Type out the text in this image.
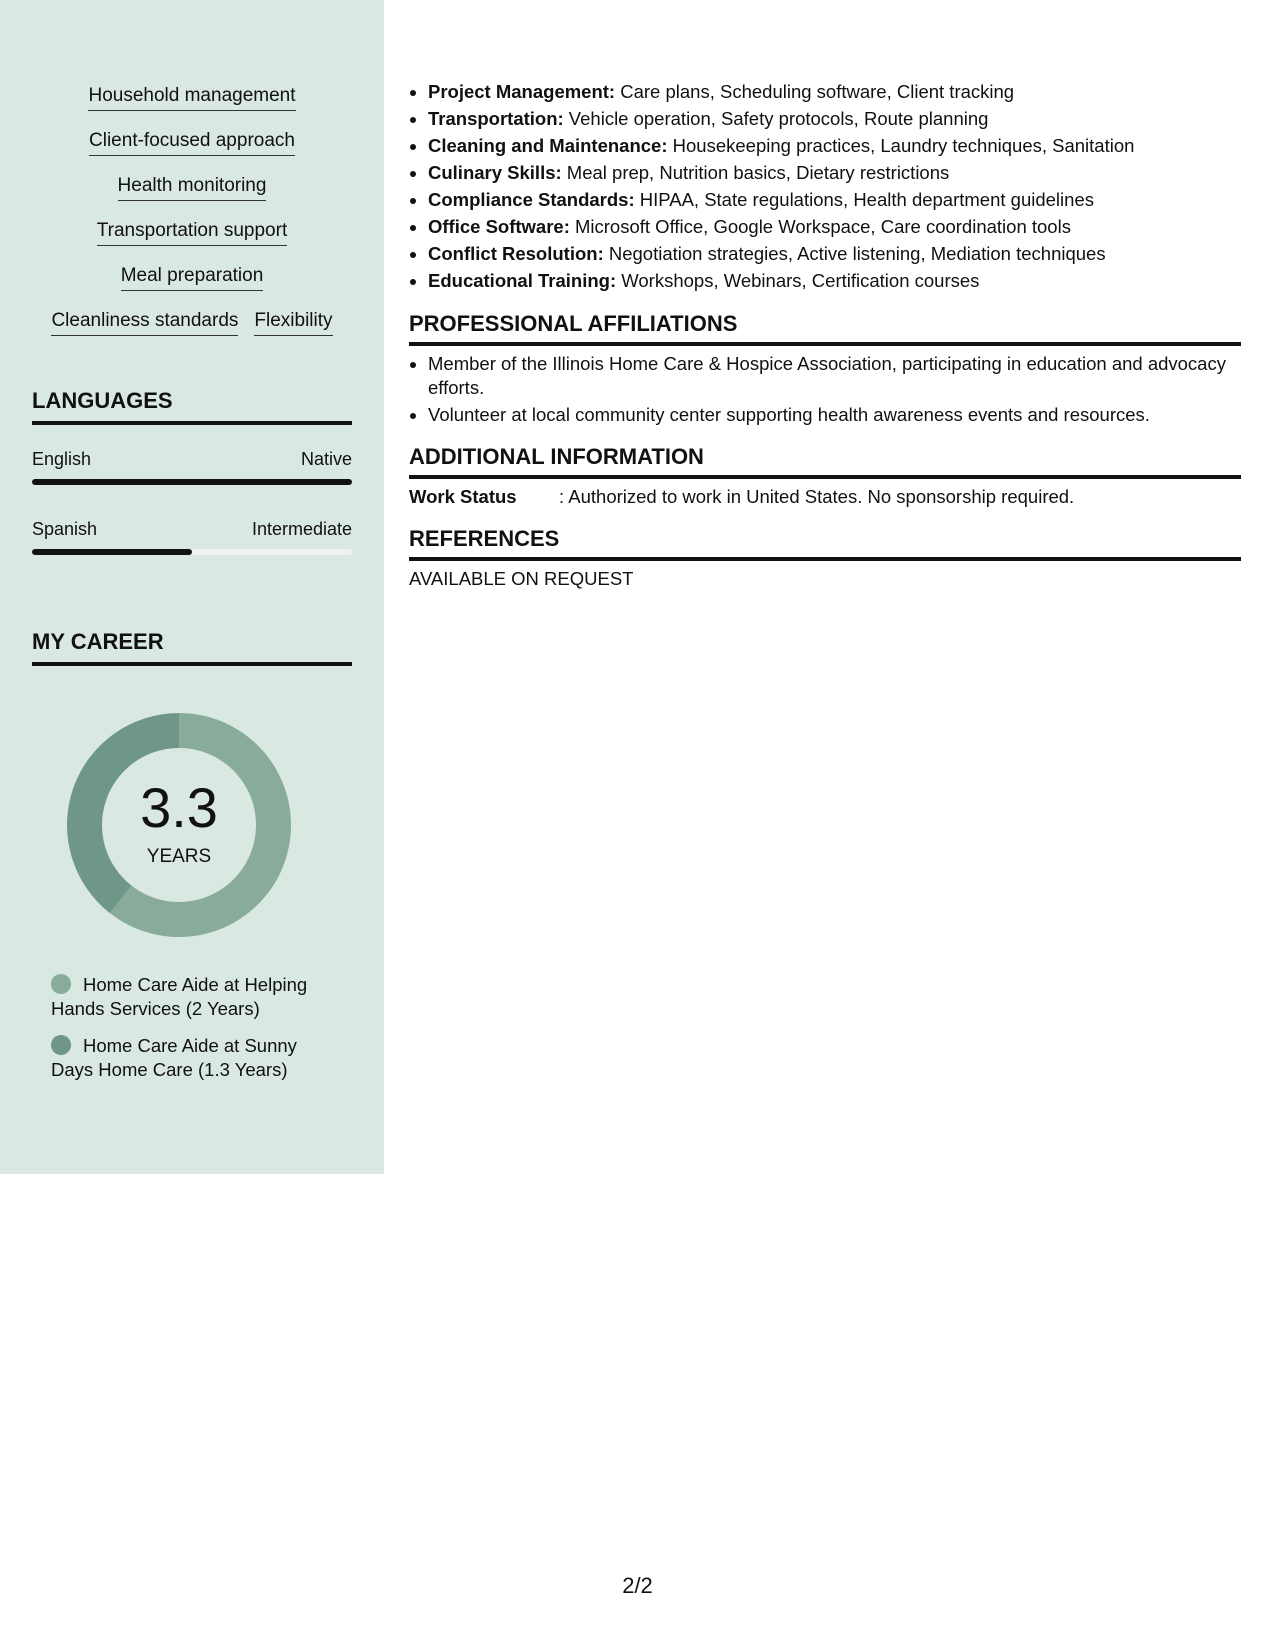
Household management
Client-focused approach
Health monitoring
Transportation support
Meal preparation
Cleanliness standards Flexibility
LANGUAGES
English	Native
Spanish	Intermediate
MY CAREER
3.3
YEARS
Home Care Aide at Helping Hands Services (2 Years)
Home Care Aide at Sunny Days Home Care (1.3 Years)
• Project Management: Care plans, Scheduling software, Client tracking
• Transportation: Vehicle operation, Safety protocols, Route planning
• Cleaning and Maintenance: Housekeeping practices, Laundry techniques, Sanitation
• Culinary Skills: Meal prep, Nutrition basics, Dietary restrictions
• Compliance Standards: HIPAA, State regulations, Health department guidelines
• Office Software: Microsoft Office, Google Workspace, Care coordination tools
• Conflict Resolution: Negotiation strategies, Active listening, Mediation techniques
• Educational Training: Workshops, Webinars, Certification courses
PROFESSIONAL AFFILIATIONS
• Member of the Illinois Home Care & Hospice Association, participating in education and advocacy efforts.
• Volunteer at local community center supporting health awareness events and resources.
ADDITIONAL INFORMATION
Work Status	: Authorized to work in United States. No sponsorship required.
REFERENCES
AVAILABLE ON REQUEST
2/2
